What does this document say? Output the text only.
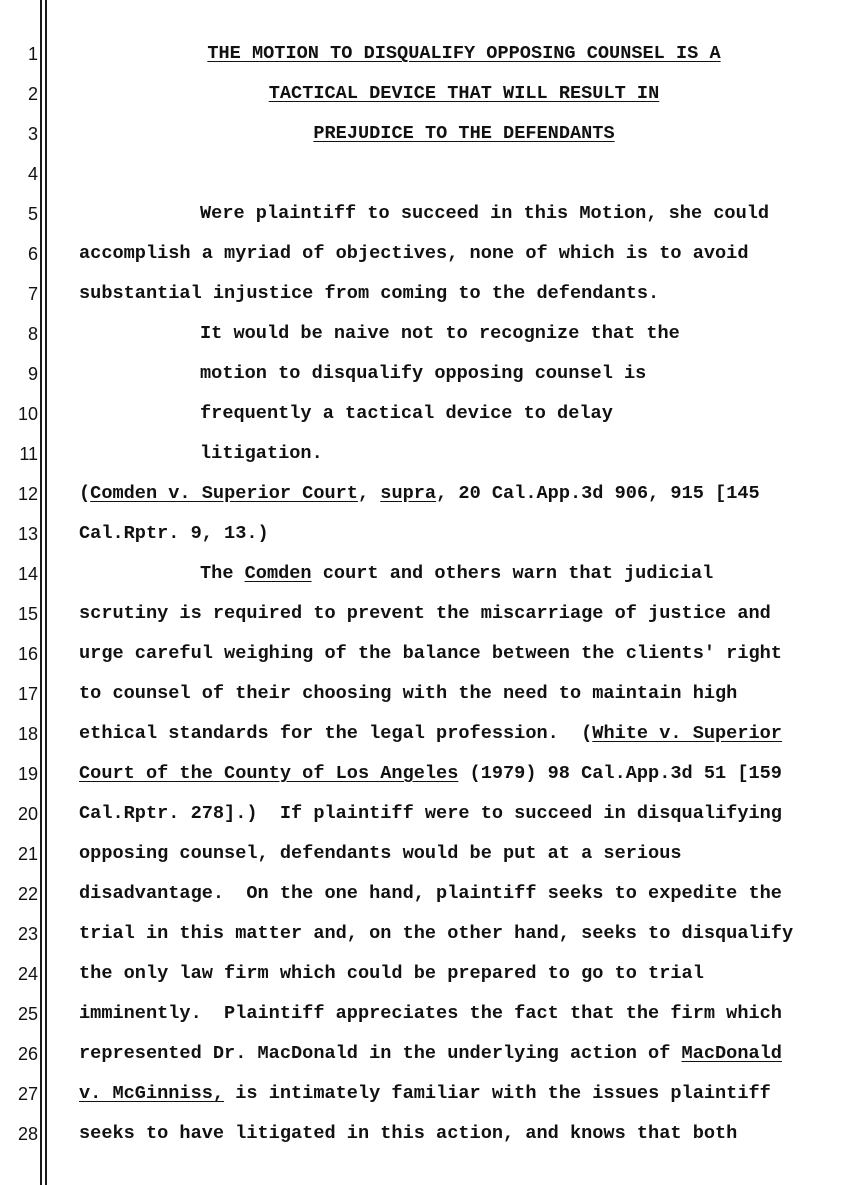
1	THE MOTION TO DISQUALIFY OPPOSING COUNSEL IS A
2	TACTICAL DEVICE THAT WILL RESULT IN
3	PREJUDICE TO THE DEFENDANTS
4
5	Were plaintiff to succeed in this Motion, she could
6 accomplish a myriad of objectives, none of which is to avoid
7 substantial injustice from coming to the defendants.
8	It would be naive not to recognize that the
9	motion to disqualify opposing counsel is
10	frequently a tactical device to delay
11	litigation.
12 (Comden v. Superior Court, supra, 20 Cal.App.3d 906, 915 [145
13 Cal.Rptr. 9, 13.)
14	The Comden court and others warn that judicial
15 scrutiny is required to prevent the miscarriage of justice and
16 urge careful weighing of the balance between the clients' right
17 to counsel of their choosing with the need to maintain high
18 ethical standards for the legal profession.  (White v. Superior
19 Court of the County of Los Angeles (1979) 98 Cal.App.3d 51 [159
20 Cal.Rptr. 278].)  If plaintiff were to succeed in disqualifying
21 opposing counsel, defendants would be put at a serious
22 disadvantage.  On the one hand, plaintiff seeks to expedite the
23 trial in this matter and, on the other hand, seeks to disqualify
24 the only law firm which could be prepared to go to trial
25 imminently.  Plaintiff appreciates the fact that the firm which
26 represented Dr. MacDonald in the underlying action of MacDonald
27 v. McGinniss, is intimately familiar with the issues plaintiff
28 seeks to have litigated in this action, and knows that both
